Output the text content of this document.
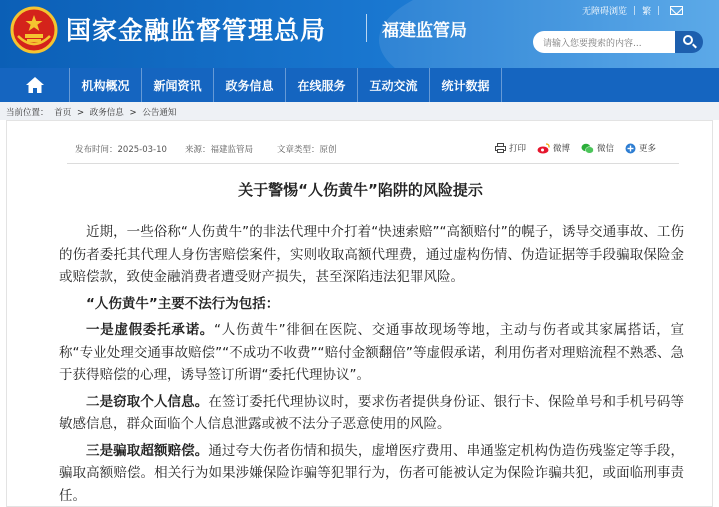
国家金融监督管理总局	福建监管局
无障碍浏览 | 繁 |
请输入您要搜索的内容...
机构概况	新闻资讯	政务信息	在线服务	互动交流	统计数据
当前位置： 首页 > 政务信息 > 公告通知
发布时间：2025-03-10 来源：福建监管局	文章类型：原创	打印	微博	微信	更多
关于警惕“人伤黄牛”陷阱的风险提示

近期，一些俗称“人伤黄牛”的非法代理中介打着“快速索赔”“高额赔付”的幌子，诱导交通事故、工伤的伤者委托其代理人身伤害赔偿案件，实则收取高额代理费，通过虚构伤情、伪造证据等手段骗取保险金或赔偿款，致使金融消费者遭受财产损失，甚至深陷违法犯罪风险。

“人伤黄牛”主要不法行为包括：

一是虚假委托承诺。“人伤黄牛”徘徊在医院、交通事故现场等地，主动与伤者或其家属搭话，宣称“专业处理交通事故赔偿”“不成功不收费”“赔付金额翻倍”等虚假承诺，利用伤者对理赔流程不熟悉、急于获得赔偿的心理，诱导签订所谓“委托代理协议”。

二是窃取个人信息。在签订委托代理协议时，要求伤者提供身份证、银行卡、保险单号和手机号码等敏感信息，群众面临个人信息泄露或被不法分子恶意使用的风险。

三是骗取超额赔偿。通过夸大伤者伤情和损失，虚增医疗费用、串通鉴定机构伪造伤残鉴定等手段，骗取高额赔偿。相关行为如果涉嫌保险诈骗等犯罪行为，伤者可能被认定为保险诈骗共犯，或面临刑事责任。
